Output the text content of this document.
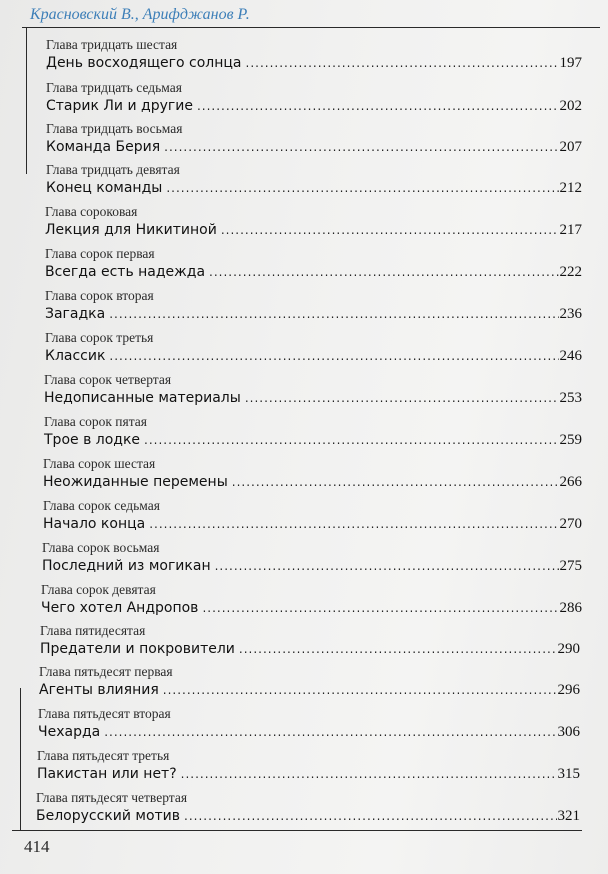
Красновский В., Арифджанов Р.
Глава тридцать шестая
День восходящего солнца .....	197
Глава тридцать седьмая
Старик Ли и другие .....	202
Глава тридцать восьмая
Команда Берия .....	207
Глава тридцать девятая
Конец команды .....	212
Глава сороковая
Лекция для Никитиной .....	217
Глава сорок первая
Всегда есть надежда .....	222
Глава сорок вторая
Загадка .....	236
Глава сорок третья
Классик .....	246
Глава сорок четвертая
Недописанные материалы .....	253
Глава сорок пятая
Трое в лодке .....	259
Глава сорок шестая
Неожиданные перемены .....	266
Глава сорок седьмая
Начало конца .....	270
Глава сорок восьмая
Последний из могикан .....	275
Глава сорок девятая
Чего хотел Андропов .....	286
Глава пятидесятая
Предатели и покровители .....	290
Глава пятьдесят первая
Агенты влияния .....	296
Глава пятьдесят вторая
Чехарда .....	306
Глава пятьдесят третья
Пакистан или нет? .....	315
Глава пятьдесят четвертая
Белорусский мотив .....	321
414
